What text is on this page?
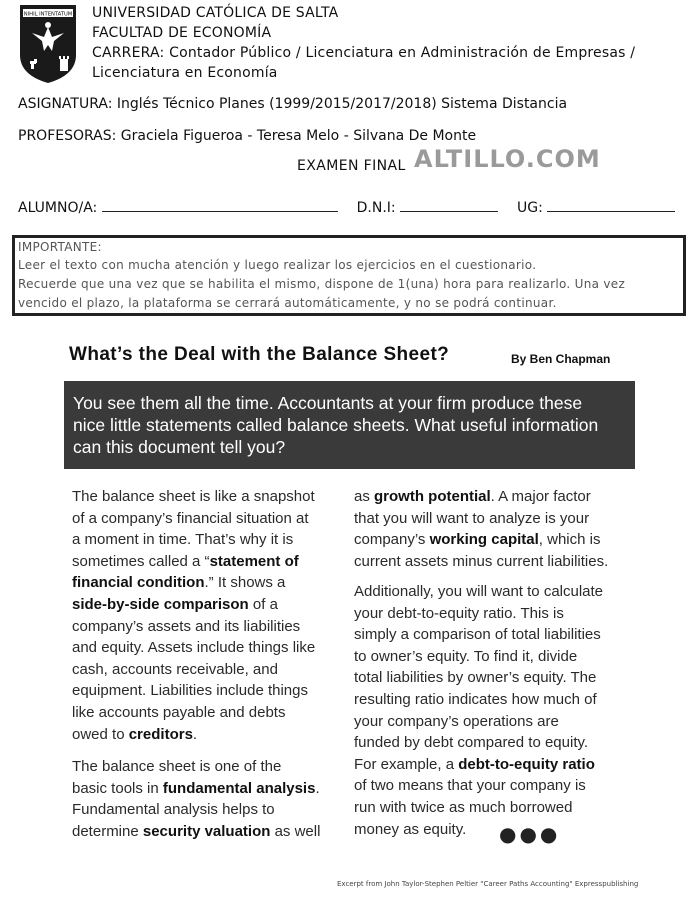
NIHIL INTENTATUM UNIVERSIDAD CATÓLICA DE SALTA
FACULTAD DE ECONOMÍA
CARRERA: Contador Público / Licenciatura en Administración de Empresas /
Licenciatura en Economía
ASIGNATURA: Inglés Técnico Planes (1999/2015/2017/2018) Sistema Distancia
PROFESORAS: Graciela Figueroa - Teresa Melo - Silvana De Monte
EXAMEN FINAL ALTILLO.COM
ALUMNO/A:	D.N.I:	UG:
IMPORTANTE:
Leer el texto con mucha atención y luego realizar los ejercicios en el cuestionario.
Recuerde que una vez que se habilita el mismo, dispone de 1(una) hora para realizarlo. Una vez
vencido el plazo, la plataforma se cerrará automáticamente, y no se podrá continuar.
What’s the Deal with the Balance Sheet?	By Ben Chapman
You see them all the time. Accountants at your firm produce these
nice little statements called balance sheets. What useful information
can this document tell you?
The balance sheet is like a snapshot
of a company’s financial situation at
a moment in time. That’s why it is
sometimes called a “statement of
financial condition.” It shows a
side-by-side comparison of a
company’s assets and its liabilities
and equity. Assets include things like
cash, accounts receivable, and
equipment. Liabilities include things
like accounts payable and debts
owed to creditors.
The balance sheet is one of the
basic tools in fundamental analysis.
Fundamental analysis helps to
determine security valuation as well
as growth potential. A major factor
that you will want to analyze is your
company’s working capital, which is
current assets minus current liabilities.
Additionally, you will want to calculate
your debt-to-equity ratio. This is
simply a comparison of total liabilities
to owner’s equity. To find it, divide
total liabilities by owner’s equity. The
resulting ratio indicates how much of
your company’s operations are
funded by debt compared to equity.
For example, a debt-to-equity ratio
of two means that your company is
run with twice as much borrowed
money as equity. ●●●
Excerpt from John Taylor-Stephen Peltier "Career Paths Accounting" Expresspublishing
